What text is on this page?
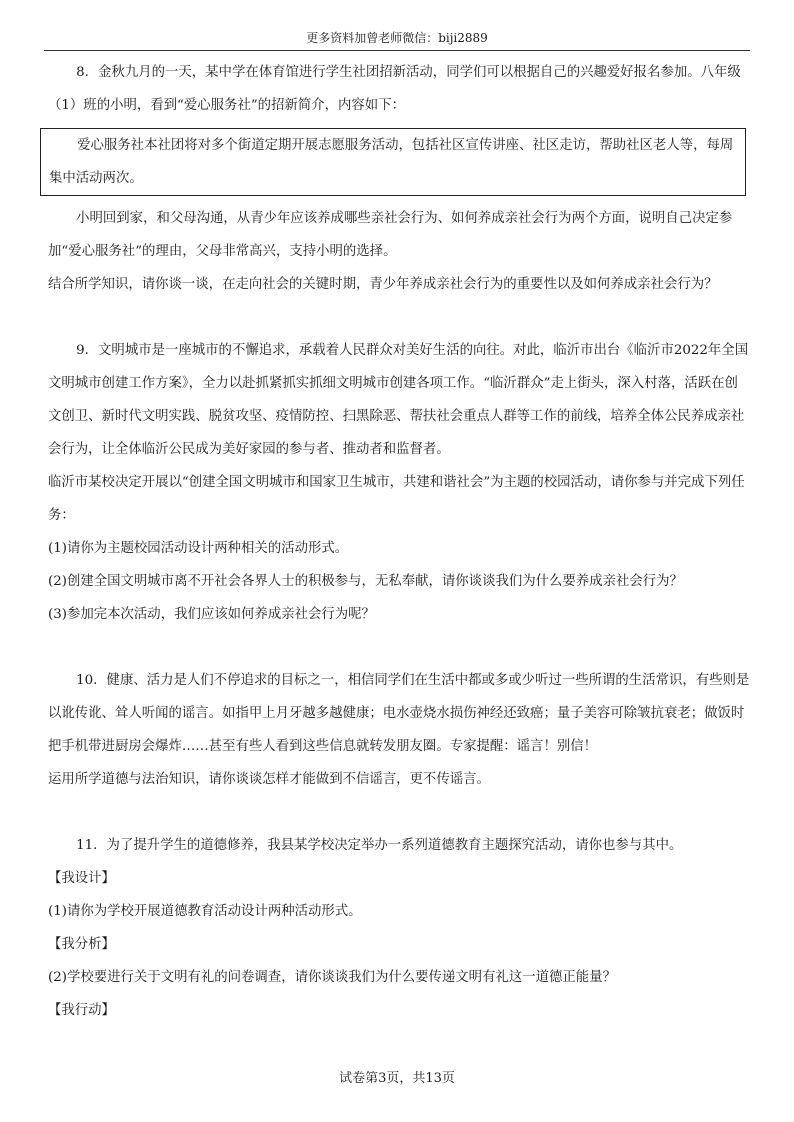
更多资料加曾老师微信：biji2889

8．金秋九月的一天，某中学在体育馆进行学生社团招新活动，同学们可以根据自己的兴趣爱好报名参加。八年级（1）班的小明，看到“爱心服务社”的招新简介，内容如下：

爱心服务社本社团将对多个街道定期开展志愿服务活动，包括社区宣传讲座、社区走访，帮助社区老人等，每周集中活动两次。

小明回到家，和父母沟通，从青少年应该养成哪些亲社会行为、如何养成亲社会行为两个方面，说明自己决定参加“爱心服务社”的理由，父母非常高兴，支持小明的选择。

结合所学知识，请你谈一谈，在走向社会的关键时期，青少年养成亲社会行为的重要性以及如何养成亲社会行为？

9．文明城市是一座城市的不懈追求，承载着人民群众对美好生活的向往。对此，临沂市出台《临沂市2022年全国文明城市创建工作方案》，全力以赴抓紧抓实抓细文明城市创建各项工作。“临沂群众”走上街头，深入村落，活跃在创文创卫、新时代文明实践、脱贫攻坚、疫情防控、扫黑除恶、帮扶社会重点人群等工作的前线，培养全体公民养成亲社会行为，让全体临沂公民成为美好家园的参与者、推动者和监督者。

临沂市某校决定开展以“创建全国文明城市和国家卫生城市，共建和谐社会”为主题的校园活动，请你参与并完成下列任务：

(1)请你为主题校园活动设计两种相关的活动形式。

(2)创建全国文明城市离不开社会各界人士的积极参与，无私奉献，请你谈谈我们为什么要养成亲社会行为？

(3)参加完本次活动，我们应该如何养成亲社会行为呢？

10．健康、活力是人们不停追求的目标之一，相信同学们在生活中都或多或少听过一些所谓的生活常识，有些则是以讹传讹、耸人听闻的谣言。如指甲上月牙越多越健康；电水壶烧水损伤神经还致癌；量子美容可除皱抗衰老；做饭时把手机带进厨房会爆炸……甚至有些人看到这些信息就转发朋友圈。专家提醒：谣言！别信！

运用所学道德与法治知识，请你谈谈怎样才能做到不信谣言，更不传谣言。

11．为了提升学生的道德修养，我县某学校决定举办一系列道德教育主题探究活动，请你也参与其中。

【我设计】

(1)请你为学校开展道德教育活动设计两种活动形式。

【我分析】

(2)学校要进行关于文明有礼的问卷调查，请你谈谈我们为什么要传递文明有礼这一道德正能量？

【我行动】

试卷第3页，共13页
